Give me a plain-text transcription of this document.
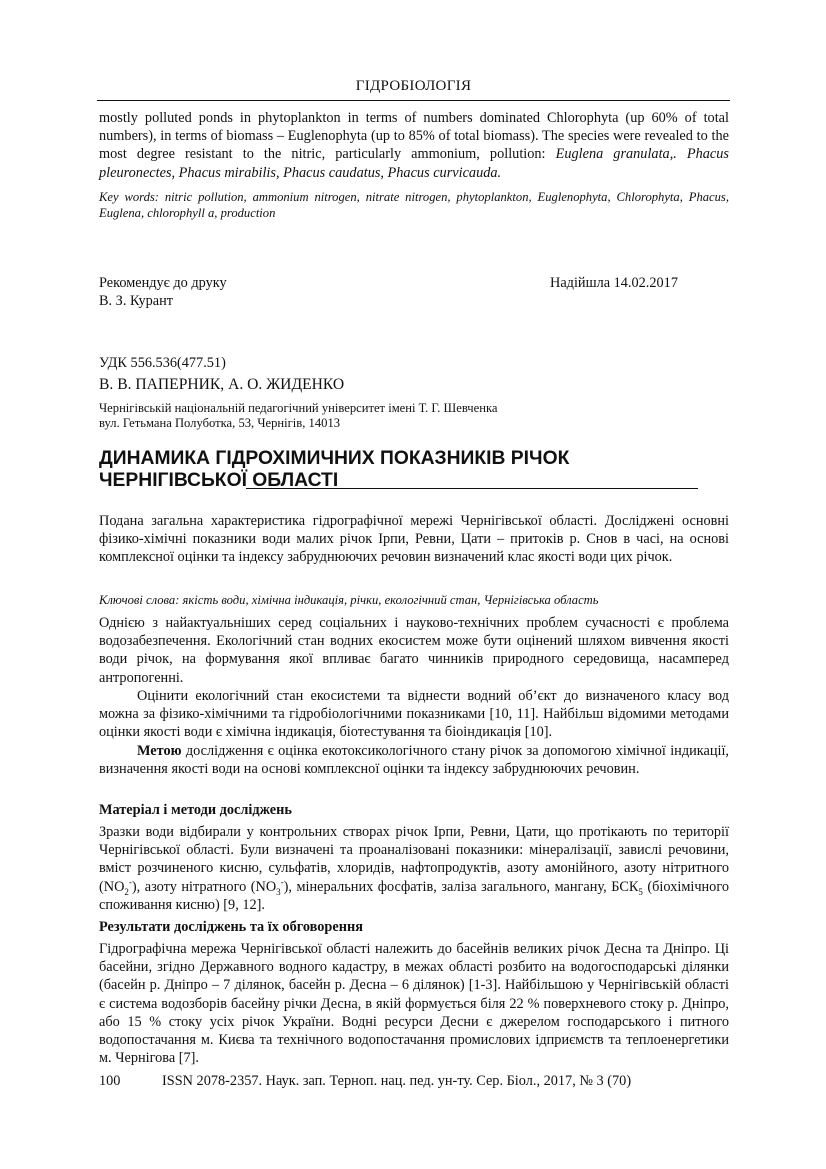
ГІДРОБІОЛОГІЯ
mostly polluted ponds in phytoplankton in terms of numbers dominated Chlorophyta (up 60% of total numbers), in terms of biomass – Euglenophyta (up to 85% of total biomass). The species were revealed to the most degree resistant to the nitric, particularly ammonium, pollution: Euglena granulata,. Phacus pleuronectes, Phacus mirabilis, Phacus caudatus, Phacus curvicauda.
Key words: nitric pollution, ammonium nitrogen, nitrate nitrogen, phytoplankton, Euglenophyta, Chlorophyta, Phacus, Euglena, chlorophyll a, production
Рекомендує до друку	Надійшла 14.02.2017
В. З. Курант
УДК 556.536(477.51)
В. В. ПАПЕРНИК, А. О. ЖИДЕНКО
Чернігівській національній педагогічний університет імені Т. Г. Шевченка
вул. Гетьмана Полуботка, 53, Чернігів, 14013
ДИНАМИКА ГІДРОХІМИЧНИХ ПОКАЗНИКІВ РІЧОК
ЧЕРНІГІВСЬКОЇ ОБЛАСТІ
Подана загальна характеристика гідрографічної мережі Чернігівської області. Досліджені основні фізико-хімічні показники води малих річок Ірпи, Ревни, Цати – притоків р. Снов в часі, на основі комплексної оцінки та індексу забруднюючих речовин визначений клас якості води цих річок.
Ключові слова: якість води, хімічна індикація, річки, екологічний стан, Чернігівська область
Однією з найактуальніших серед соціальних і науково-технічних проблем сучасності є проблема водозабезпечення. Екологічний стан водних екосистем може бути оцінений шляхом вивчення якості води річок, на формування якої впливає багато чинників природного середовища, насамперед антропогенні.
Оцінити екологічний стан екосистеми та віднести водний об’єкт до визначеного класу вод можна за фізико-хімічними та гідробіологічними показниками [10, 11]. Найбільш відомими методами оцінки якості води є хімічна індикація, біотестування та біоіндикація [10].
Метою дослідження є оцінка екотоксикологічного стану річок за допомогою хімічної індикації, визначення якості води на основі комплексної оцінки та індексу забруднюючих речовин.
Матеріал і методи досліджень
Зразки води відбирали у контрольних створах річок Ірпи, Ревни, Цати, що протікають по території Чернігівської області. Були визначені та проаналізовані показники: мінералізації, завислі речовини, вміст розчиненого кисню, сульфатів, хлоридів, нафтопродуктів, азоту амонійного, азоту нітритного $(NO_2^-)$, азоту нітратного $(NO_3^-)$, мінеральних фосфатів, заліза загального, мангану, $БСК_5$ (біохімічного споживання кисню) [9, 12].
Результати досліджень та їх обговорення
Гідрографічна мережа Чернігівської області належить до басейнів великих річок Десна та Дніпро. Ці басейни, згідно Державного водного кадастру, в межах області розбито на водогосподарські ділянки (басейн р. Дніпро – 7 ділянок, басейн р. Десна – 6 ділянок) [1-3]. Найбільшою у Чернігівській області є система водозборів басейну річки Десна, в якій формується біля 22 % поверхневого стоку р. Дніпро, або 15 % стоку усіх річок України. Водні ресурси Десни є джерелом господарського і питного водопостачання м. Києва та технічного водопостачання промислових ідприємств та теплоенергетики м. Чернігова [7].
100	ISSN 2078-2357. Наук. зап. Терноп. нац. пед. ун-ту. Сер. Біол., 2017, № 3 (70)
